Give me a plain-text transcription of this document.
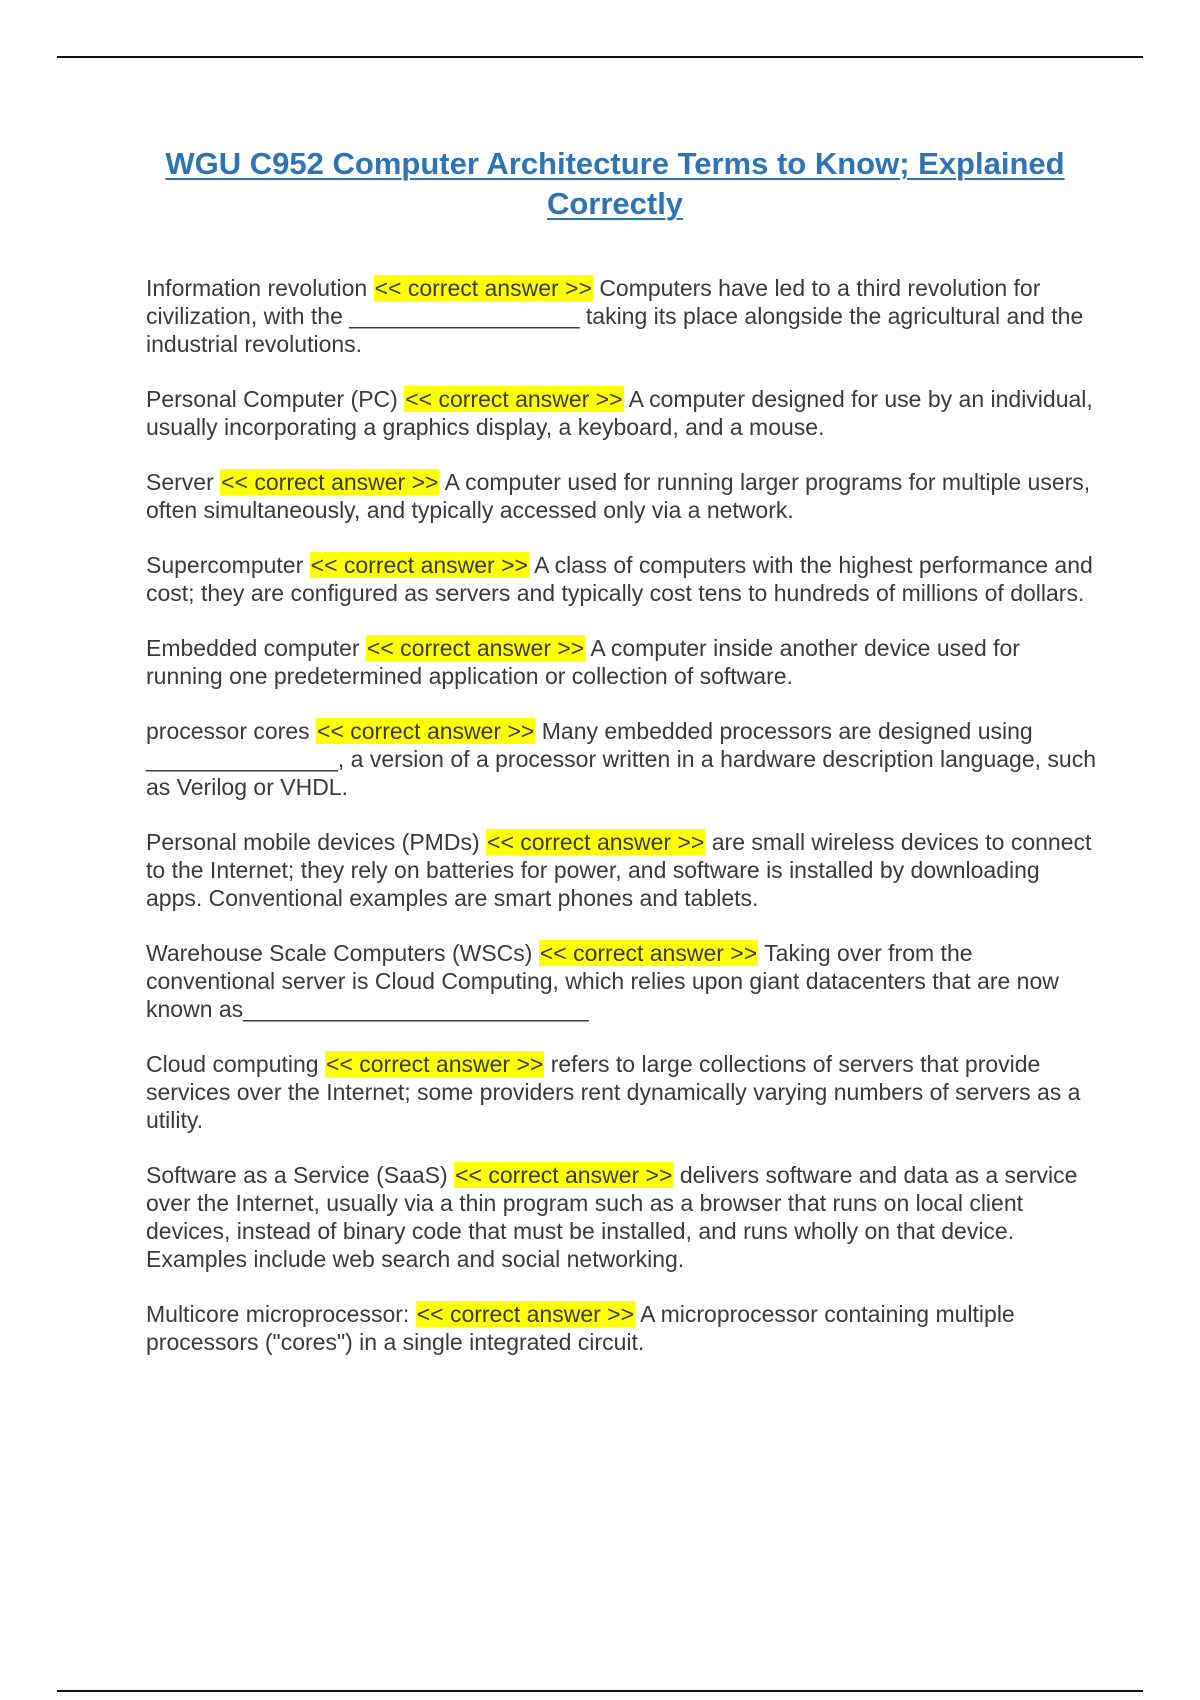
WGU C952 Computer Architecture Terms to Know; Explained Correctly

Information revolution << correct answer >> Computers have led to a third revolution for civilization, with the __________________ taking its place alongside the agricultural and the industrial revolutions.

Personal Computer (PC) << correct answer >> A computer designed for use by an individual, usually incorporating a graphics display, a keyboard, and a mouse.

Server << correct answer >> A computer used for running larger programs for multiple users, often simultaneously, and typically accessed only via a network.

Supercomputer << correct answer >> A class of computers with the highest performance and cost; they are configured as servers and typically cost tens to hundreds of millions of dollars.

Embedded computer << correct answer >> A computer inside another device used for running one predetermined application or collection of software.

processor cores << correct answer >> Many embedded processors are designed using _______________, a version of a processor written in a hardware description language, such as Verilog or VHDL.

Personal mobile devices (PMDs) << correct answer >> are small wireless devices to connect to the Internet; they rely on batteries for power, and software is installed by downloading apps. Conventional examples are smart phones and tablets.

Warehouse Scale Computers (WSCs) << correct answer >> Taking over from the conventional server is Cloud Computing, which relies upon giant datacenters that are now known as___________________________

Cloud computing << correct answer >> refers to large collections of servers that provide services over the Internet; some providers rent dynamically varying numbers of servers as a utility.

Software as a Service (SaaS) << correct answer >> delivers software and data as a service over the Internet, usually via a thin program such as a browser that runs on local client devices, instead of binary code that must be installed, and runs wholly on that device. Examples include web search and social networking.

Multicore microprocessor: << correct answer >> A microprocessor containing multiple processors ("cores") in a single integrated circuit.
